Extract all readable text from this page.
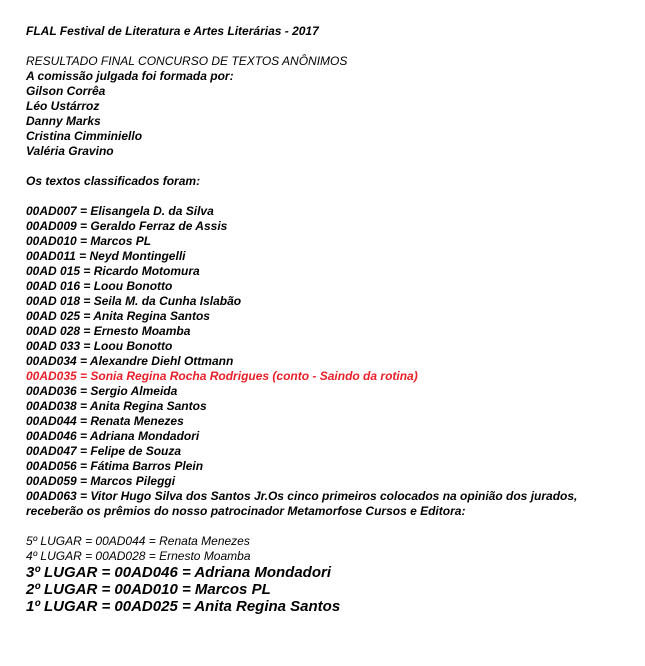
FLAL Festival de Literatura e Artes Literárias - 2017
RESULTADO FINAL CONCURSO DE TEXTOS ANÔNIMOS
A comissão julgada foi formada por:
Gilson Corrêa
Léo Ustárroz
Danny Marks
Cristina Cimminiello
Valéria Gravino
Os textos classificados foram:
00AD007 = Elisangela D. da Silva
00AD009 = Geraldo Ferraz de Assis
00AD010 = Marcos PL
00AD011 = Neyd Montingelli
00AD 015 = Ricardo Motomura
00AD 016 = Loou Bonotto
00AD 018 = Seila M. da Cunha Islabão
00AD 025 = Anita Regina Santos
00AD 028 = Ernesto Moamba
00AD 033 = Loou Bonotto
00AD034 = Alexandre Diehl Ottmann
00AD035 = Sonia Regina Rocha Rodrigues (conto - Saindo da rotina)
00AD036 = Sergio Almeida
00AD038 = Anita Regina Santos
00AD044 = Renata Menezes
00AD046 = Adriana Mondadori
00AD047 = Felipe de Souza
00AD056 = Fátima Barros Plein
00AD059 = Marcos Pileggi
00AD063 = Vitor Hugo Silva dos Santos Jr.Os cinco primeiros colocados na opinião dos jurados, receberão os prêmios do nosso patrocinador Metamorfose Cursos e Editora:
5º LUGAR = 00AD044 = Renata Menezes
4º LUGAR = 00AD028 = Ernesto Moamba
3º LUGAR = 00AD046 = Adriana Mondadori
2º LUGAR = 00AD010 = Marcos PL
1º LUGAR = 00AD025 = Anita Regina Santos
